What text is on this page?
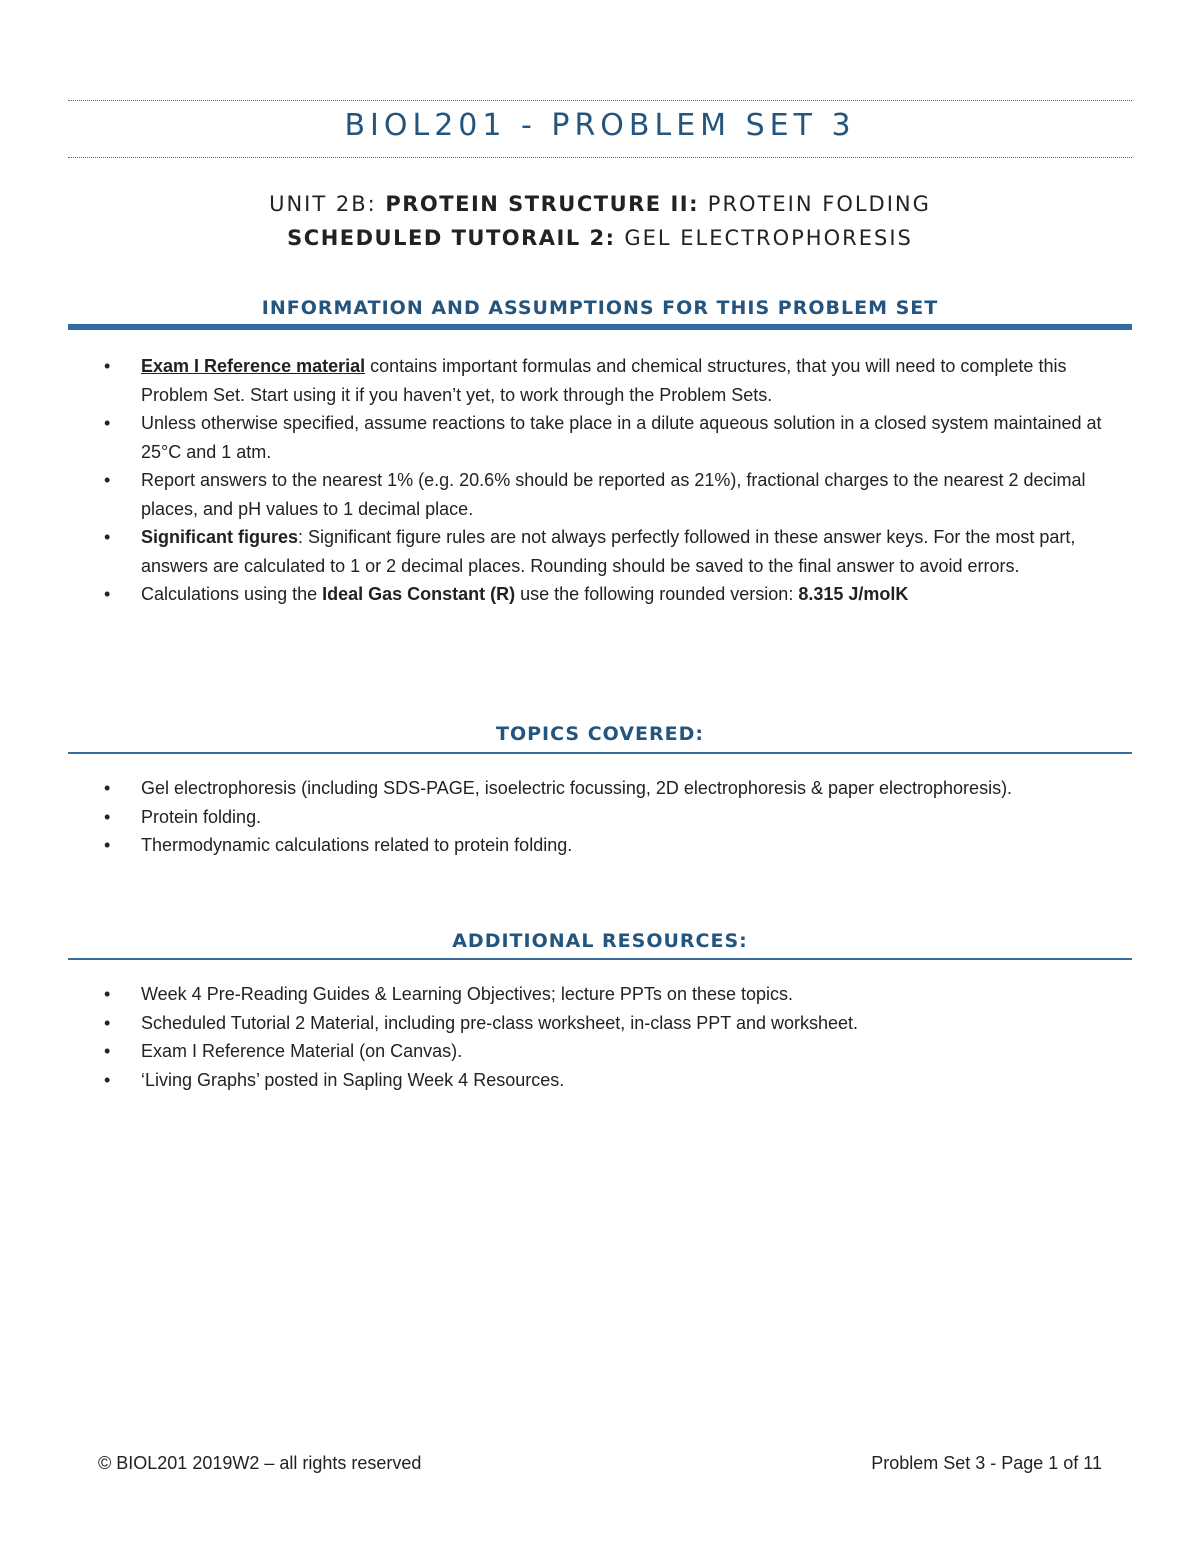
BIOL201 - PROBLEM SET 3
UNIT 2B: PROTEIN STRUCTURE II: PROTEIN FOLDING
SCHEDULED TUTORAIL 2: GEL ELECTROPHORESIS
INFORMATION AND ASSUMPTIONS FOR THIS PROBLEM SET
• Exam I Reference material contains important formulas and chemical structures, that you will need to complete this Problem Set. Start using it if you haven’t yet, to work through the Problem Sets.
• Unless otherwise specified, assume reactions to take place in a dilute aqueous solution in a closed system maintained at 25°C and 1 atm.
• Report answers to the nearest 1% (e.g. 20.6% should be reported as 21%), fractional charges to the nearest 2 decimal places, and pH values to 1 decimal place.
• Significant figures: Significant figure rules are not always perfectly followed in these answer keys. For the most part, answers are calculated to 1 or 2 decimal places. Rounding should be saved to the final answer to avoid errors.
• Calculations using the Ideal Gas Constant (R) use the following rounded version: 8.315 J/molK
TOPICS COVERED:
• Gel electrophoresis (including SDS-PAGE, isoelectric focussing, 2D electrophoresis & paper electrophoresis).
• Protein folding.
• Thermodynamic calculations related to protein folding.
ADDITIONAL RESOURCES:
• Week 4 Pre-Reading Guides & Learning Objectives; lecture PPTs on these topics.
• Scheduled Tutorial 2 Material, including pre-class worksheet, in-class PPT and worksheet.
• Exam I Reference Material (on Canvas).
• ‘Living Graphs’ posted in Sapling Week 4 Resources.
© BIOL201 2019W2 – all rights reserved	Problem Set 3 - Page 1 of 11
